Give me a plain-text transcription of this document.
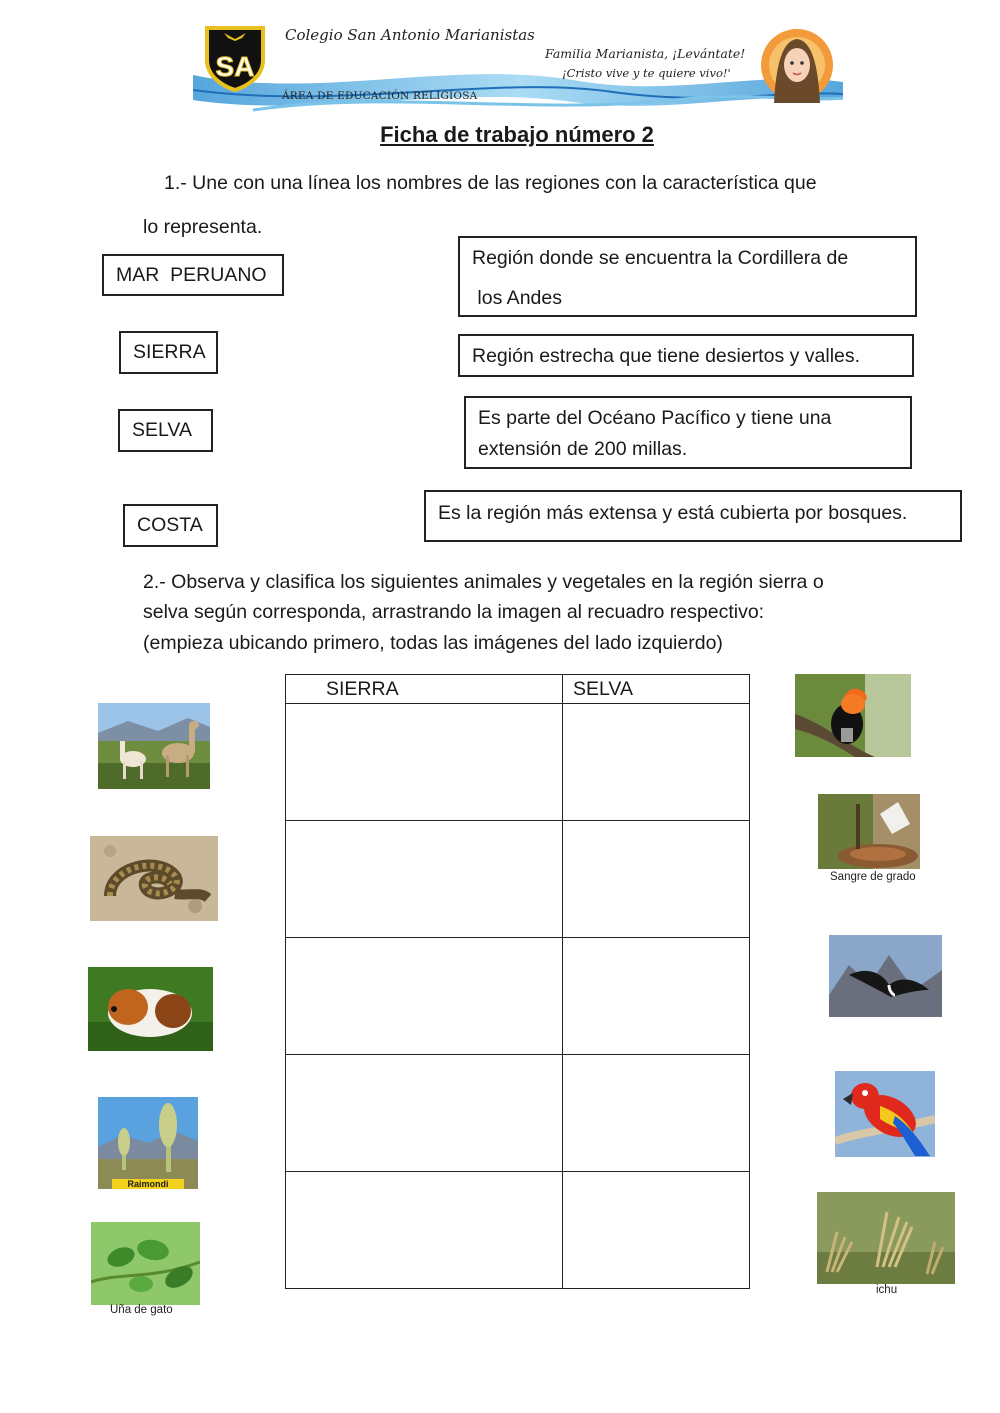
SA
Colegio San Antonio Marianistas
ÁREA DE EDUCACIÓN RELIGIOSA
Familia Marianista, ¡Levántate!
¡Cristo vive y te quiere vivo!'
Ficha de trabajo número 2
1.- Une con una línea los nombres de las regiones con la característica que
lo representa.
MAR  PERUANO
SIERRA
SELVA
COSTA
Región donde se encuentra la Cordillera de
los Andes
Región estrecha que tiene desiertos y valles.
Es parte del Océano Pacífico y tiene una
extensión de 200 millas.
Es la región más extensa y está cubierta por bosques.
2.- Observa y clasifica los siguientes animales y vegetales en la región sierra o
selva según corresponda, arrastrando la imagen al recuadro respectivo:
(empieza ubicando primero, todas las imágenes del lado izquierdo)
SIERRA	SELVA

Raimondi
Uña de gato
Sangre de grado
ichu
